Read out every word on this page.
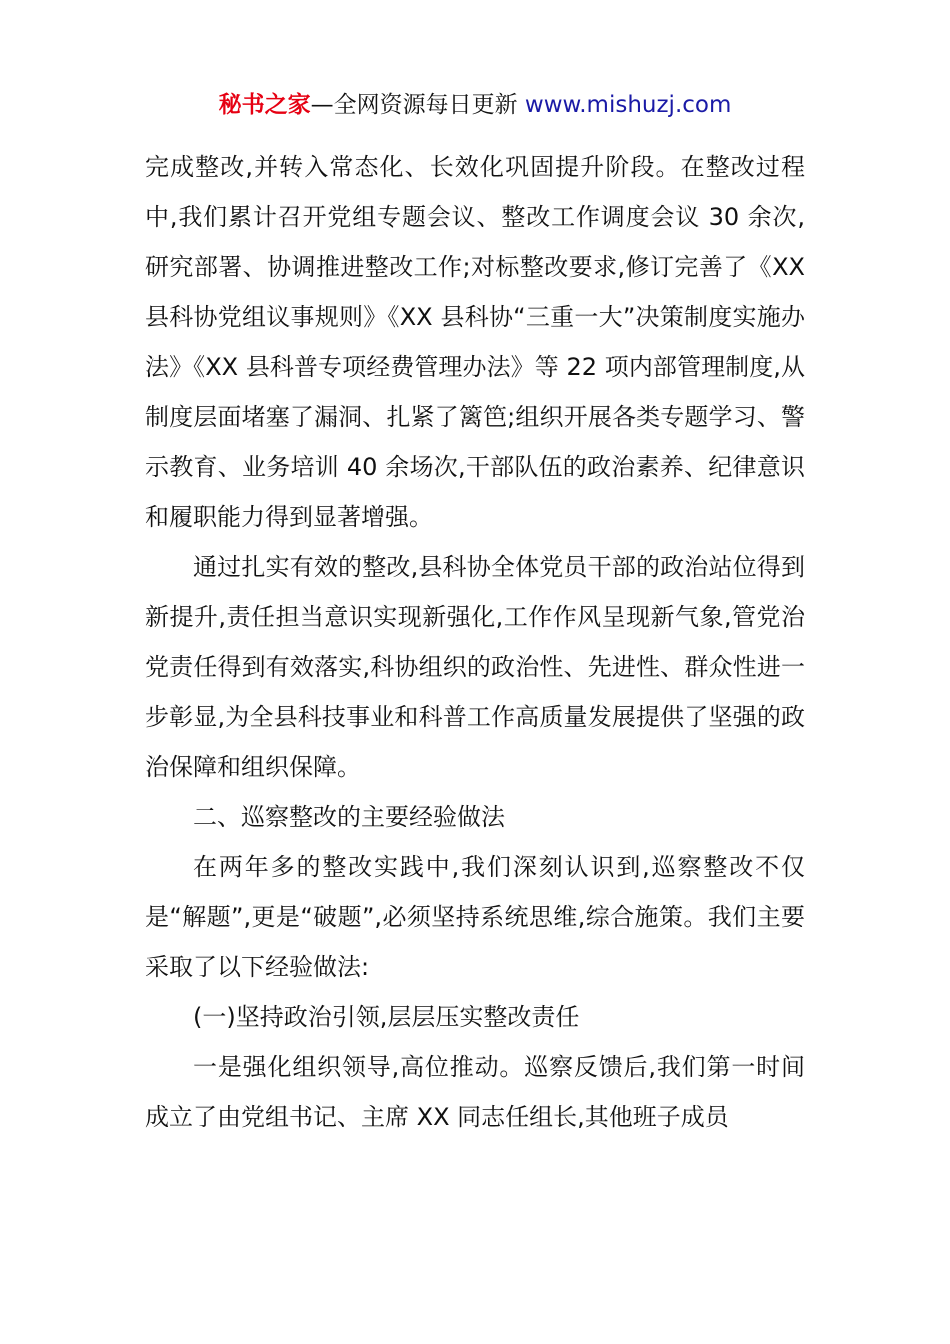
秘书之家—全网资源每日更新 www.mishuzj.com

完成整改,并转入常态化、长效化巩固提升阶段。在整改过程中,我们累计召开党组专题会议、整改工作调度会议 30 余次,研究部署、协调推进整改工作;对标整改要求,修订完善了《XX 县科协党组议事规则》《XX 县科协“三重一大”决策制度实施办法》《XX 县科普专项经费管理办法》等 22 项内部管理制度,从制度层面堵塞了漏洞、扎紧了篱笆;组织开展各类专题学习、警示教育、业务培训 40 余场次,干部队伍的政治素养、纪律意识和履职能力得到显著增强。

通过扎实有效的整改,县科协全体党员干部的政治站位得到新提升,责任担当意识实现新强化,工作作风呈现新气象,管党治党责任得到有效落实,科协组织的政治性、先进性、群众性进一步彰显,为全县科技事业和科普工作高质量发展提供了坚强的政治保障和组织保障。

二、巡察整改的主要经验做法

在两年多的整改实践中,我们深刻认识到,巡察整改不仅是“解题”,更是“破题”,必须坚持系统思维,综合施策。我们主要采取了以下经验做法:

(一)坚持政治引领,层层压实整改责任

一是强化组织领导,高位推动。巡察反馈后,我们第一时间成立了由党组书记、主席 XX 同志任组长,其他班子成员
